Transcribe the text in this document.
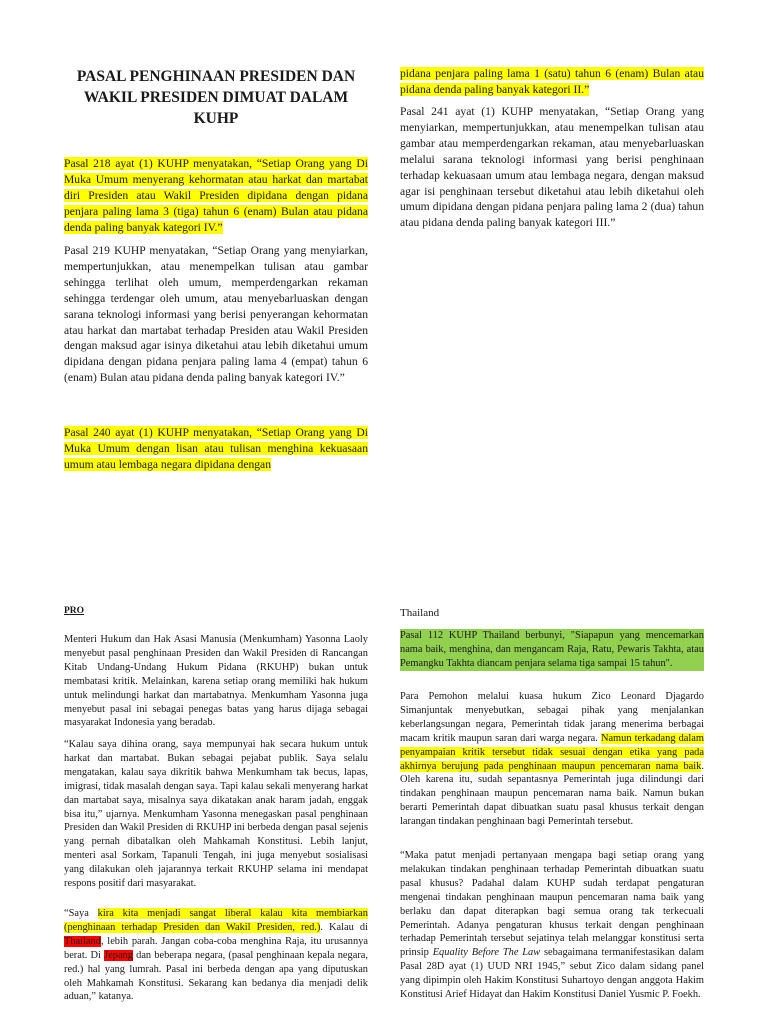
PASAL PENGHINAAN PRESIDEN DAN WAKIL PRESIDEN DIMUAT DALAM KUHP

Pasal 218 ayat (1) KUHP menyatakan, “Setiap Orang yang Di Muka Umum menyerang kehormatan atau harkat dan martabat diri Presiden atau Wakil Presiden dipidana dengan pidana penjara paling lama 3 (tiga) tahun 6 (enam) Bulan atau pidana denda paling banyak kategori IV.”

Pasal 219 KUHP menyatakan, “Setiap Orang yang menyiarkan, mempertunjukkan, atau menempelkan tulisan atau gambar sehingga terlihat oleh umum, memperdengarkan rekaman sehingga terdengar oleh umum, atau menyebarluaskan dengan sarana teknologi informasi yang berisi penyerangan kehormatan atau harkat dan martabat terhadap Presiden atau Wakil Presiden dengan maksud agar isinya diketahui atau lebih diketahui umum dipidana dengan pidana penjara paling lama 4 (empat) tahun 6 (enam) Bulan atau pidana denda paling banyak kategori IV.”

Pasal 240 ayat (1) KUHP menyatakan, “Setiap Orang yang Di Muka Umum dengan lisan atau tulisan menghina kekuasaan umum atau lembaga negara dipidana dengan

pidana penjara paling lama 1 (satu) tahun 6 (enam) Bulan atau pidana denda paling banyak kategori II.”

Pasal 241 ayat (1) KUHP menyatakan, “Setiap Orang yang menyiarkan, mempertunjukkan, atau menempelkan tulisan atau gambar atau memperdengarkan rekaman, atau menyebarluaskan melalui sarana teknologi informasi yang berisi penghinaan terhadap kekuasaan umum atau lembaga negara, dengan maksud agar isi penghinaan tersebut diketahui atau lebih diketahui oleh umum dipidana dengan pidana penjara paling lama 2 (dua) tahun atau pidana denda paling banyak kategori III.”

PRO

Menteri Hukum dan Hak Asasi Manusia (Menkumham) Yasonna Laoly menyebut pasal penghinaan Presiden dan Wakil Presiden di Rancangan Kitab Undang-Undang Hukum Pidana (RKUHP) bukan untuk membatasi kritik. Melainkan, karena setiap orang memiliki hak hukum untuk melindungi harkat dan martabatnya. Menkumham Yasonna juga menyebut pasal ini sebagai penegas batas yang harus dijaga sebagai masyarakat Indonesia yang beradab.

“Kalau saya dihina orang, saya mempunyai hak secara hukum untuk harkat dan martabat. Bukan sebagai pejabat publik. Saya selalu mengatakan, kalau saya dikritik bahwa Menkumham tak becus, lapas, imigrasi, tidak masalah dengan saya. Tapi kalau sekali menyerang harkat dan martabat saya, misalnya saya dikatakan anak haram jadah, enggak bisa itu,” ujarnya. Menkumham Yasonna menegaskan pasal penghinaan Presiden dan Wakil Presiden di RKUHP ini berbeda dengan pasal sejenis yang pernah dibatalkan oleh Mahkamah Konstitusi. Lebih lanjut, menteri asal Sorkam, Tapanuli Tengah, ini juga menyebut sosialisasi yang dilakukan oleh jajarannya terkait RKUHP selama ini mendapat respons positif dari masyarakat.

“Saya kira kita menjadi sangat liberal kalau kita membiarkan (penghinaan terhadap Presiden dan Wakil Presiden, red.). Kalau di Thailand, lebih parah. Jangan coba-coba menghina Raja, itu urusannya berat. Di Jepang dan beberapa negara, (pasal penghinaan kepala negara, red.) hal yang lumrah. Pasal ini berbeda dengan apa yang diputuskan oleh Mahkamah Konstitusi. Sekarang kan bedanya dia menjadi delik aduan,” katanya.

Thailand

Pasal 112 KUHP Thailand berbunyi, "Siapapun yang mencemarkan nama baik, menghina, dan mengancam Raja, Ratu, Pewaris Takhta, atau Pemangku Takhta diancam penjara selama tiga sampai 15 tahun".

Para Pemohon melalui kuasa hukum Zico Leonard Djagardo Simanjuntak menyebutkan, sebagai pihak yang menjalankan keberlangsungan negara, Pemerintah tidak jarang menerima berbagai macam kritik maupun saran dari warga negara. Namun terkadang dalam penyampaian kritik tersebut tidak sesuai dengan etika yang pada akhirnya berujung pada penghinaan maupun pencemaran nama baik. Oleh karena itu, sudah sepantasnya Pemerintah juga dilindungi dari tindakan penghinaan maupun pencemaran nama baik. Namun bukan berarti Pemerintah dapat dibuatkan suatu pasal khusus terkait dengan larangan tindakan penghinaan bagi Pemerintah tersebut.

“Maka patut menjadi pertanyaan mengapa bagi setiap orang yang melakukan tindakan penghinaan terhadap Pemerintah dibuatkan suatu pasal khusus? Padahal dalam KUHP sudah terdapat pengaturan mengenai tindakan penghinaan maupun pencemaran nama baik yang berlaku dan dapat diterapkan bagi semua orang tak terkecuali Pemerintah. Adanya pengaturan khusus terkait dengan penghinaan terhadap Pemerintah tersebut sejatinya telah melanggar konstitusi serta prinsip Equality Before The Law sebagaimana termanifestasikan dalam Pasal 28D ayat (1) UUD NRI 1945,” sebut Zico dalam sidang panel yang dipimpin oleh Hakim Konstitusi Suhartoyo dengan anggota Hakim Konstitusi Arief Hidayat dan Hakim Konstitusi Daniel Yusmic P. Foekh.
